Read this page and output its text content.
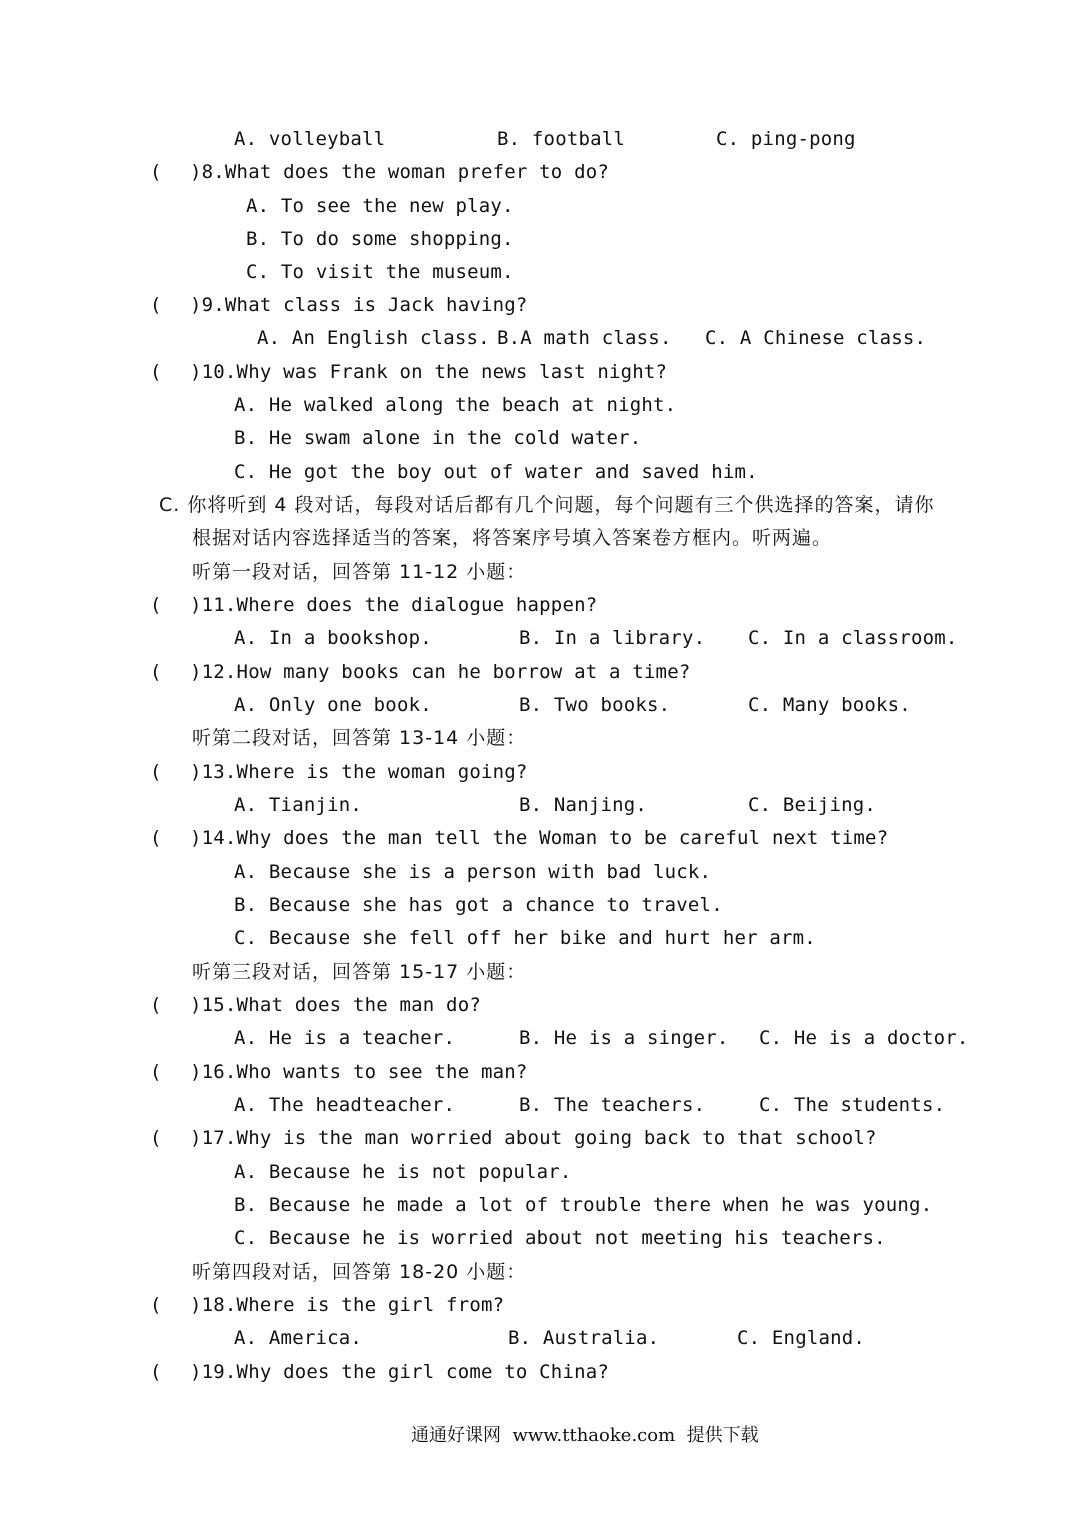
A. volleyball	B. football	C. ping-pong
( )8.What does the woman prefer to do?
A. To see the new play.
B. To do some shopping.
C. To visit the museum.
( )9.What class is Jack having?
A. An English class. B.A math class. C. A Chinese class.
( )10.Why was Frank on the news last night?
A. He walked along the beach at night.
B. He swam alone in the cold water.
C. He got the boy out of water and saved him.
C. 你将听到 4 段对话，每段对话后都有几个问题，每个问题有三个供选择的答案，请你
根据对话内容选择适当的答案，将答案序号填入答案卷方框内。听两遍。
听第一段对话，回答第 11-12 小题：
( )11.Where does the dialogue happen?
A. In a bookshop.	B. In a library. C. In a classroom.
( )12.How many books can he borrow at a time?
A. Only one book.	B. Two books.	C. Many books.
听第二段对话，回答第 13-14 小题：
( )13.Where is the woman going?
A. Tianjin.	B. Nanjing.	C. Beijing.
( )14.Why does the man tell the Woman to be careful next time?
A. Because she is a person with bad luck.
B. Because she has got a chance to travel.
C. Because she fell off her bike and hurt her arm.
听第三段对话，回答第 15-17 小题：
( )15.What does the man do?
A. He is a teacher.	B. He is a singer. C. He is a doctor.
( )16.Who wants to see the man?
A. The headteacher.	B. The teachers.	C. The students.
( )17.Why is the man worried about going back to that school?
A. Because he is not popular.
B. Because he made a lot of trouble there when he was young.
C. Because he is worried about not meeting his teachers.
听第四段对话，回答第 18-20 小题：
( )18.Where is the girl from?
A. America.	B. Australia.	C. England.
( )19.Why does the girl come to China?
通通好课网  www.tthaoke.com  提供下载
